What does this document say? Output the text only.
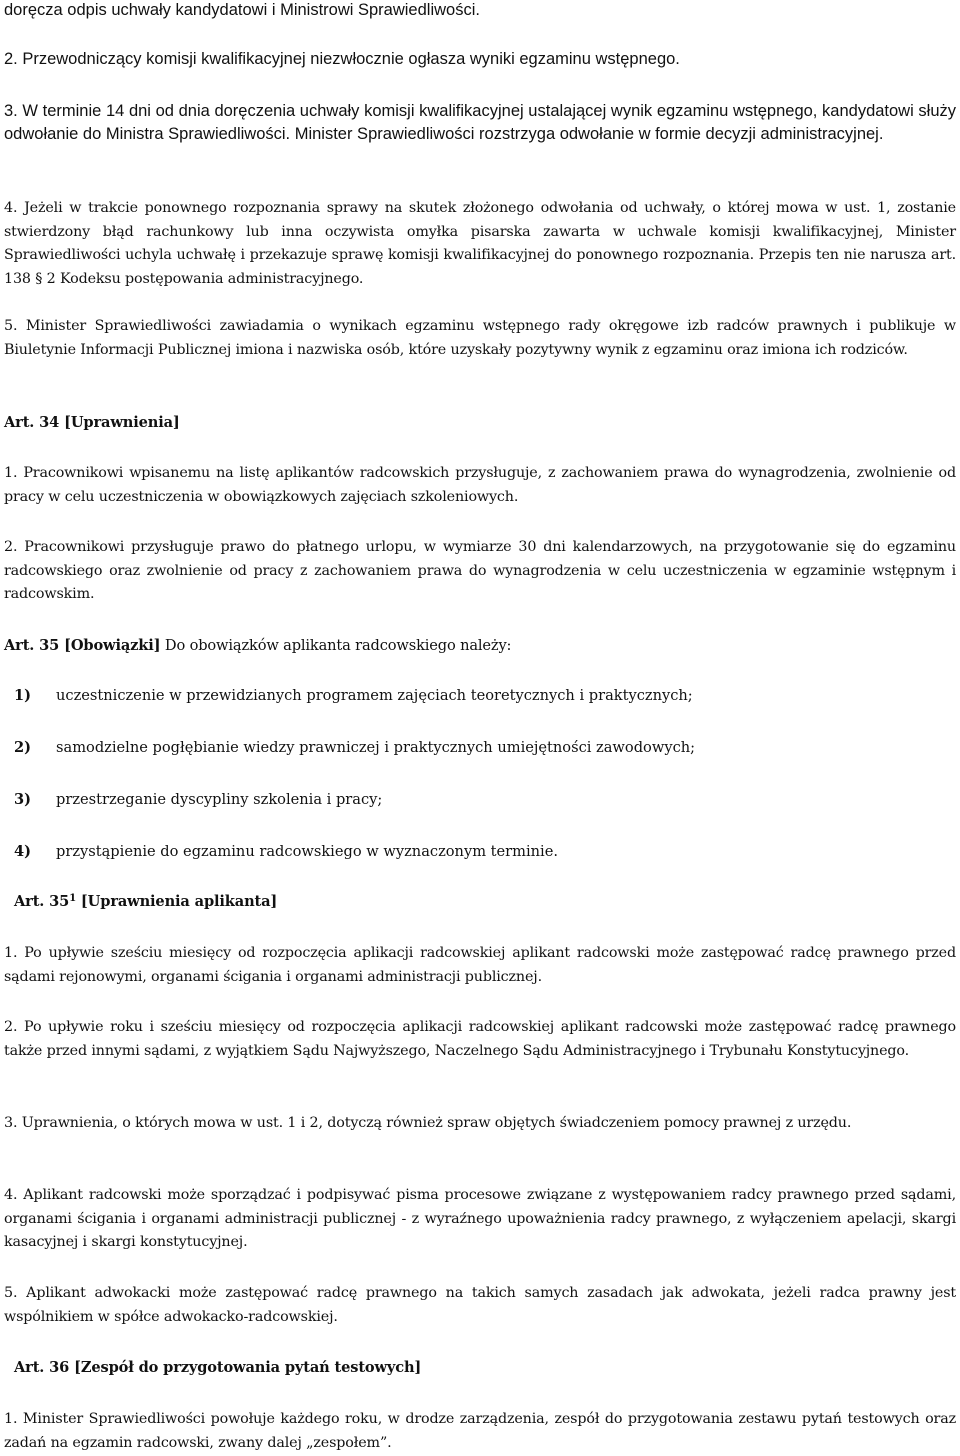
doręcza odpis uchwały kandydatowi i Ministrowi Sprawiedliwości.

2. Przewodniczący komisji kwalifikacyjnej niezwłocznie ogłasza wyniki egzaminu wstępnego.

3. W terminie 14 dni od dnia doręczenia uchwały komisji kwalifikacyjnej ustalającej wynik egzaminu wstępnego, kandydatowi służy odwołanie do Ministra Sprawiedliwości. Minister Sprawiedliwości rozstrzyga odwołanie w formie decyzji administracyjnej.

4. Jeżeli w trakcie ponownego rozpoznania sprawy na skutek złożonego odwołania od uchwały, o której mowa w ust. 1, zostanie stwierdzony błąd rachunkowy lub inna oczywista omyłka pisarska zawarta w uchwale komisji kwalifikacyjnej, Minister Sprawiedliwości uchyla uchwałę i przekazuje sprawę komisji kwalifikacyjnej do ponownego rozpoznania. Przepis ten nie narusza art. 138 § 2 Kodeksu postępowania administracyjnego.

5. Minister Sprawiedliwości zawiadamia o wynikach egzaminu wstępnego rady okręgowe izb radców prawnych i publikuje w Biuletynie Informacji Publicznej imiona i nazwiska osób, które uzyskały pozytywny wynik z egzaminu oraz imiona ich rodziców.

Art. 34 [Uprawnienia]

1. Pracownikowi wpisanemu na listę aplikantów radcowskich przysługuje, z zachowaniem prawa do wynagrodzenia, zwolnienie od pracy w celu uczestniczenia w obowiązkowych zajęciach szkoleniowych.

2. Pracownikowi przysługuje prawo do płatnego urlopu, w wymiarze 30 dni kalendarzowych, na przygotowanie się do egzaminu radcowskiego oraz zwolnienie od pracy z zachowaniem prawa do wynagrodzenia w celu uczestniczenia w egzaminie wstępnym i radcowskim.

Art. 35 [Obowiązki] Do obowiązków aplikanta radcowskiego należy:

1) uczestniczenie w przewidzianych programem zajęciach teoretycznych i praktycznych;

2) samodzielne pogłębianie wiedzy prawniczej i praktycznych umiejętności zawodowych;

3) przestrzeganie dyscypliny szkolenia i pracy;

4) przystąpienie do egzaminu radcowskiego w wyznaczonym terminie.

Art. $35^1$ [Uprawnienia aplikanta]

1. Po upływie sześciu miesięcy od rozpoczęcia aplikacji radcowskiej aplikant radcowski może zastępować radcę prawnego przed sądami rejonowymi, organami ścigania i organami administracji publicznej.

2. Po upływie roku i sześciu miesięcy od rozpoczęcia aplikacji radcowskiej aplikant radcowski może zastępować radcę prawnego także przed innymi sądami, z wyjątkiem Sądu Najwyższego, Naczelnego Sądu Administracyjnego i Trybunału Konstytucyjnego.

3. Uprawnienia, o których mowa w ust. 1 i 2, dotyczą również spraw objętych świadczeniem pomocy prawnej z urzędu.

4. Aplikant radcowski może sporządzać i podpisywać pisma procesowe związane z występowaniem radcy prawnego przed sądami, organami ścigania i organami administracji publicznej - z wyraźnego upoważnienia radcy prawnego, z wyłączeniem apelacji, skargi kasacyjnej i skargi konstytucyjnej.

5. Aplikant adwokacki może zastępować radcę prawnego na takich samych zasadach jak adwokata, jeżeli radca prawny jest wspólnikiem w spółce adwokacko-radcowskiej.

Art. 36 [Zespół do przygotowania pytań testowych]

1. Minister Sprawiedliwości powołuje każdego roku, w drodze zarządzenia, zespół do przygotowania zestawu pytań testowych oraz zadań na egzamin radcowski, zwany dalej „zespołem”.
